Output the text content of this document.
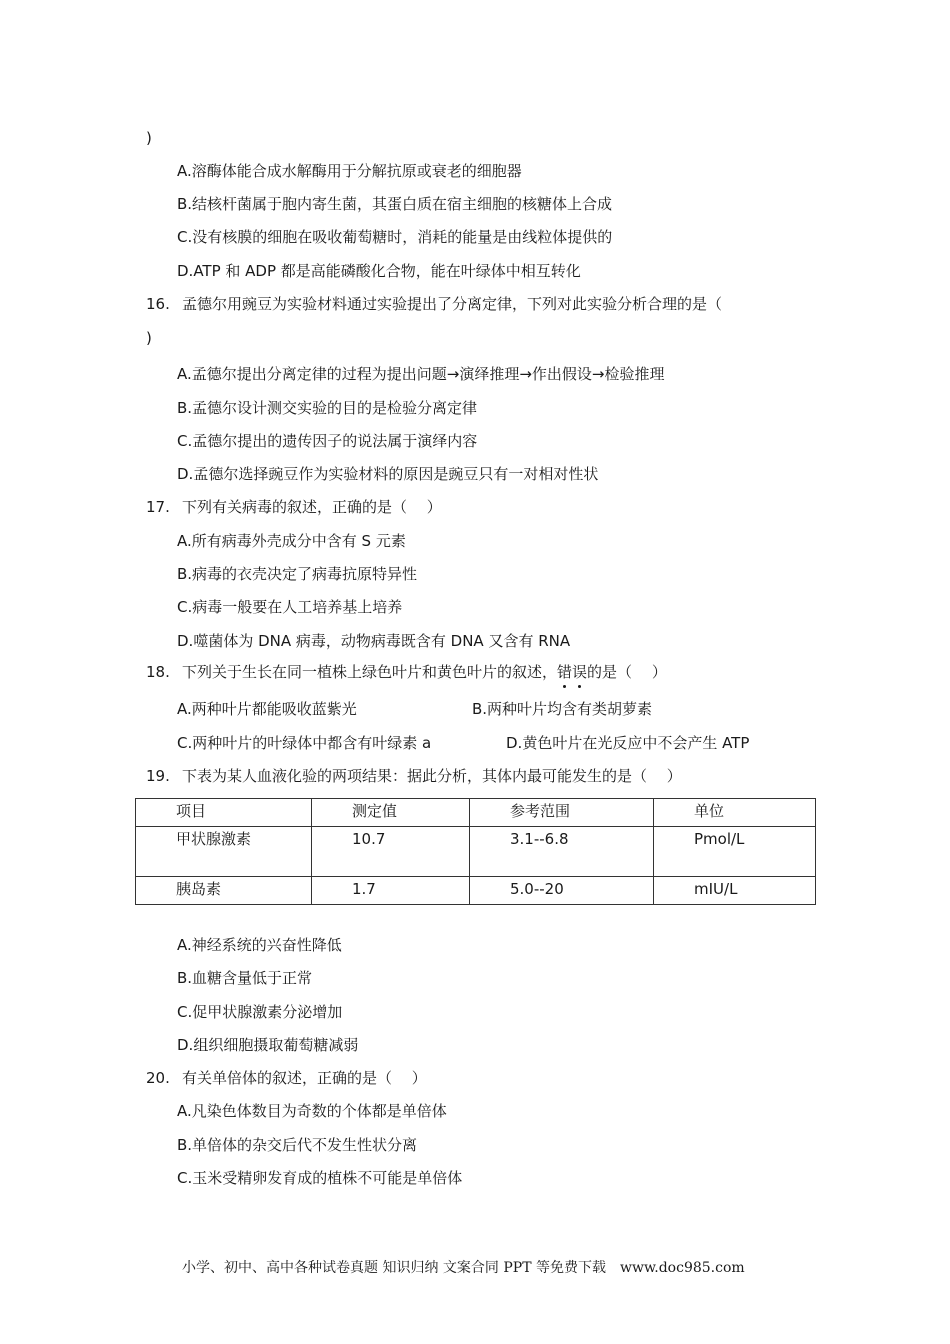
)
A.溶酶体能合成水解酶用于分解抗原或衰老的细胞器
B.结核杆菌属于胞内寄生菌，其蛋白质在宿主细胞的核糖体上合成
C.没有核膜的细胞在吸收葡萄糖时，消耗的能量是由线粒体提供的
D.ATP 和 ADP 都是高能磷酸化合物，能在叶绿体中相互转化
16. 孟德尔用豌豆为实验材料通过实验提出了分离定律，下列对此实验分析合理的是（
)
A.孟德尔提出分离定律的过程为提出问题→演绎推理→作出假设→检验推理
B.孟德尔设计测交实验的目的是检验分离定律
C.孟德尔提出的遗传因子的说法属于演绎内容
D.孟德尔选择豌豆作为实验材料的原因是豌豆只有一对相对性状
17. 下列有关病毒的叙述，正确的是（　 ）
A.所有病毒外壳成分中含有 S 元素
B.病毒的衣壳决定了病毒抗原特异性
C.病毒一般要在人工培养基上培养
D.噬菌体为 DNA 病毒，动物病毒既含有 DNA 又含有 RNA
18. 下列关于生长在同一植株上绿色叶片和黄色叶片的叙述，错误的是（　 ）
A.两种叶片都能吸收蓝紫光	B.两种叶片均含有类胡萝素
C.两种叶片的叶绿体中都含有叶绿素 a	D.黄色叶片在光反应中不会产生 ATP
19. 下表为某人血液化验的两项结果：据此分析，其体内最可能发生的是（　 ）
项目	测定值	参考范围	单位
甲状腺激素	10.7	3.1--6.8	Pmol/L
胰岛素	1.7	5.0--20	mIU/L
A.神经系统的兴奋性降低
B.血糖含量低于正常
C.促甲状腺激素分泌增加
D.组织细胞摄取葡萄糖减弱
20. 有关单倍体的叙述，正确的是（　 ）
A.凡染色体数目为奇数的个体都是单倍体
B.单倍体的杂交后代不发生性状分离
C.玉米受精卵发育成的植株不可能是单倍体
小学、初中、高中各种试卷真题 知识归纳 文案合同 PPT 等免费下载　www.doc985.com
